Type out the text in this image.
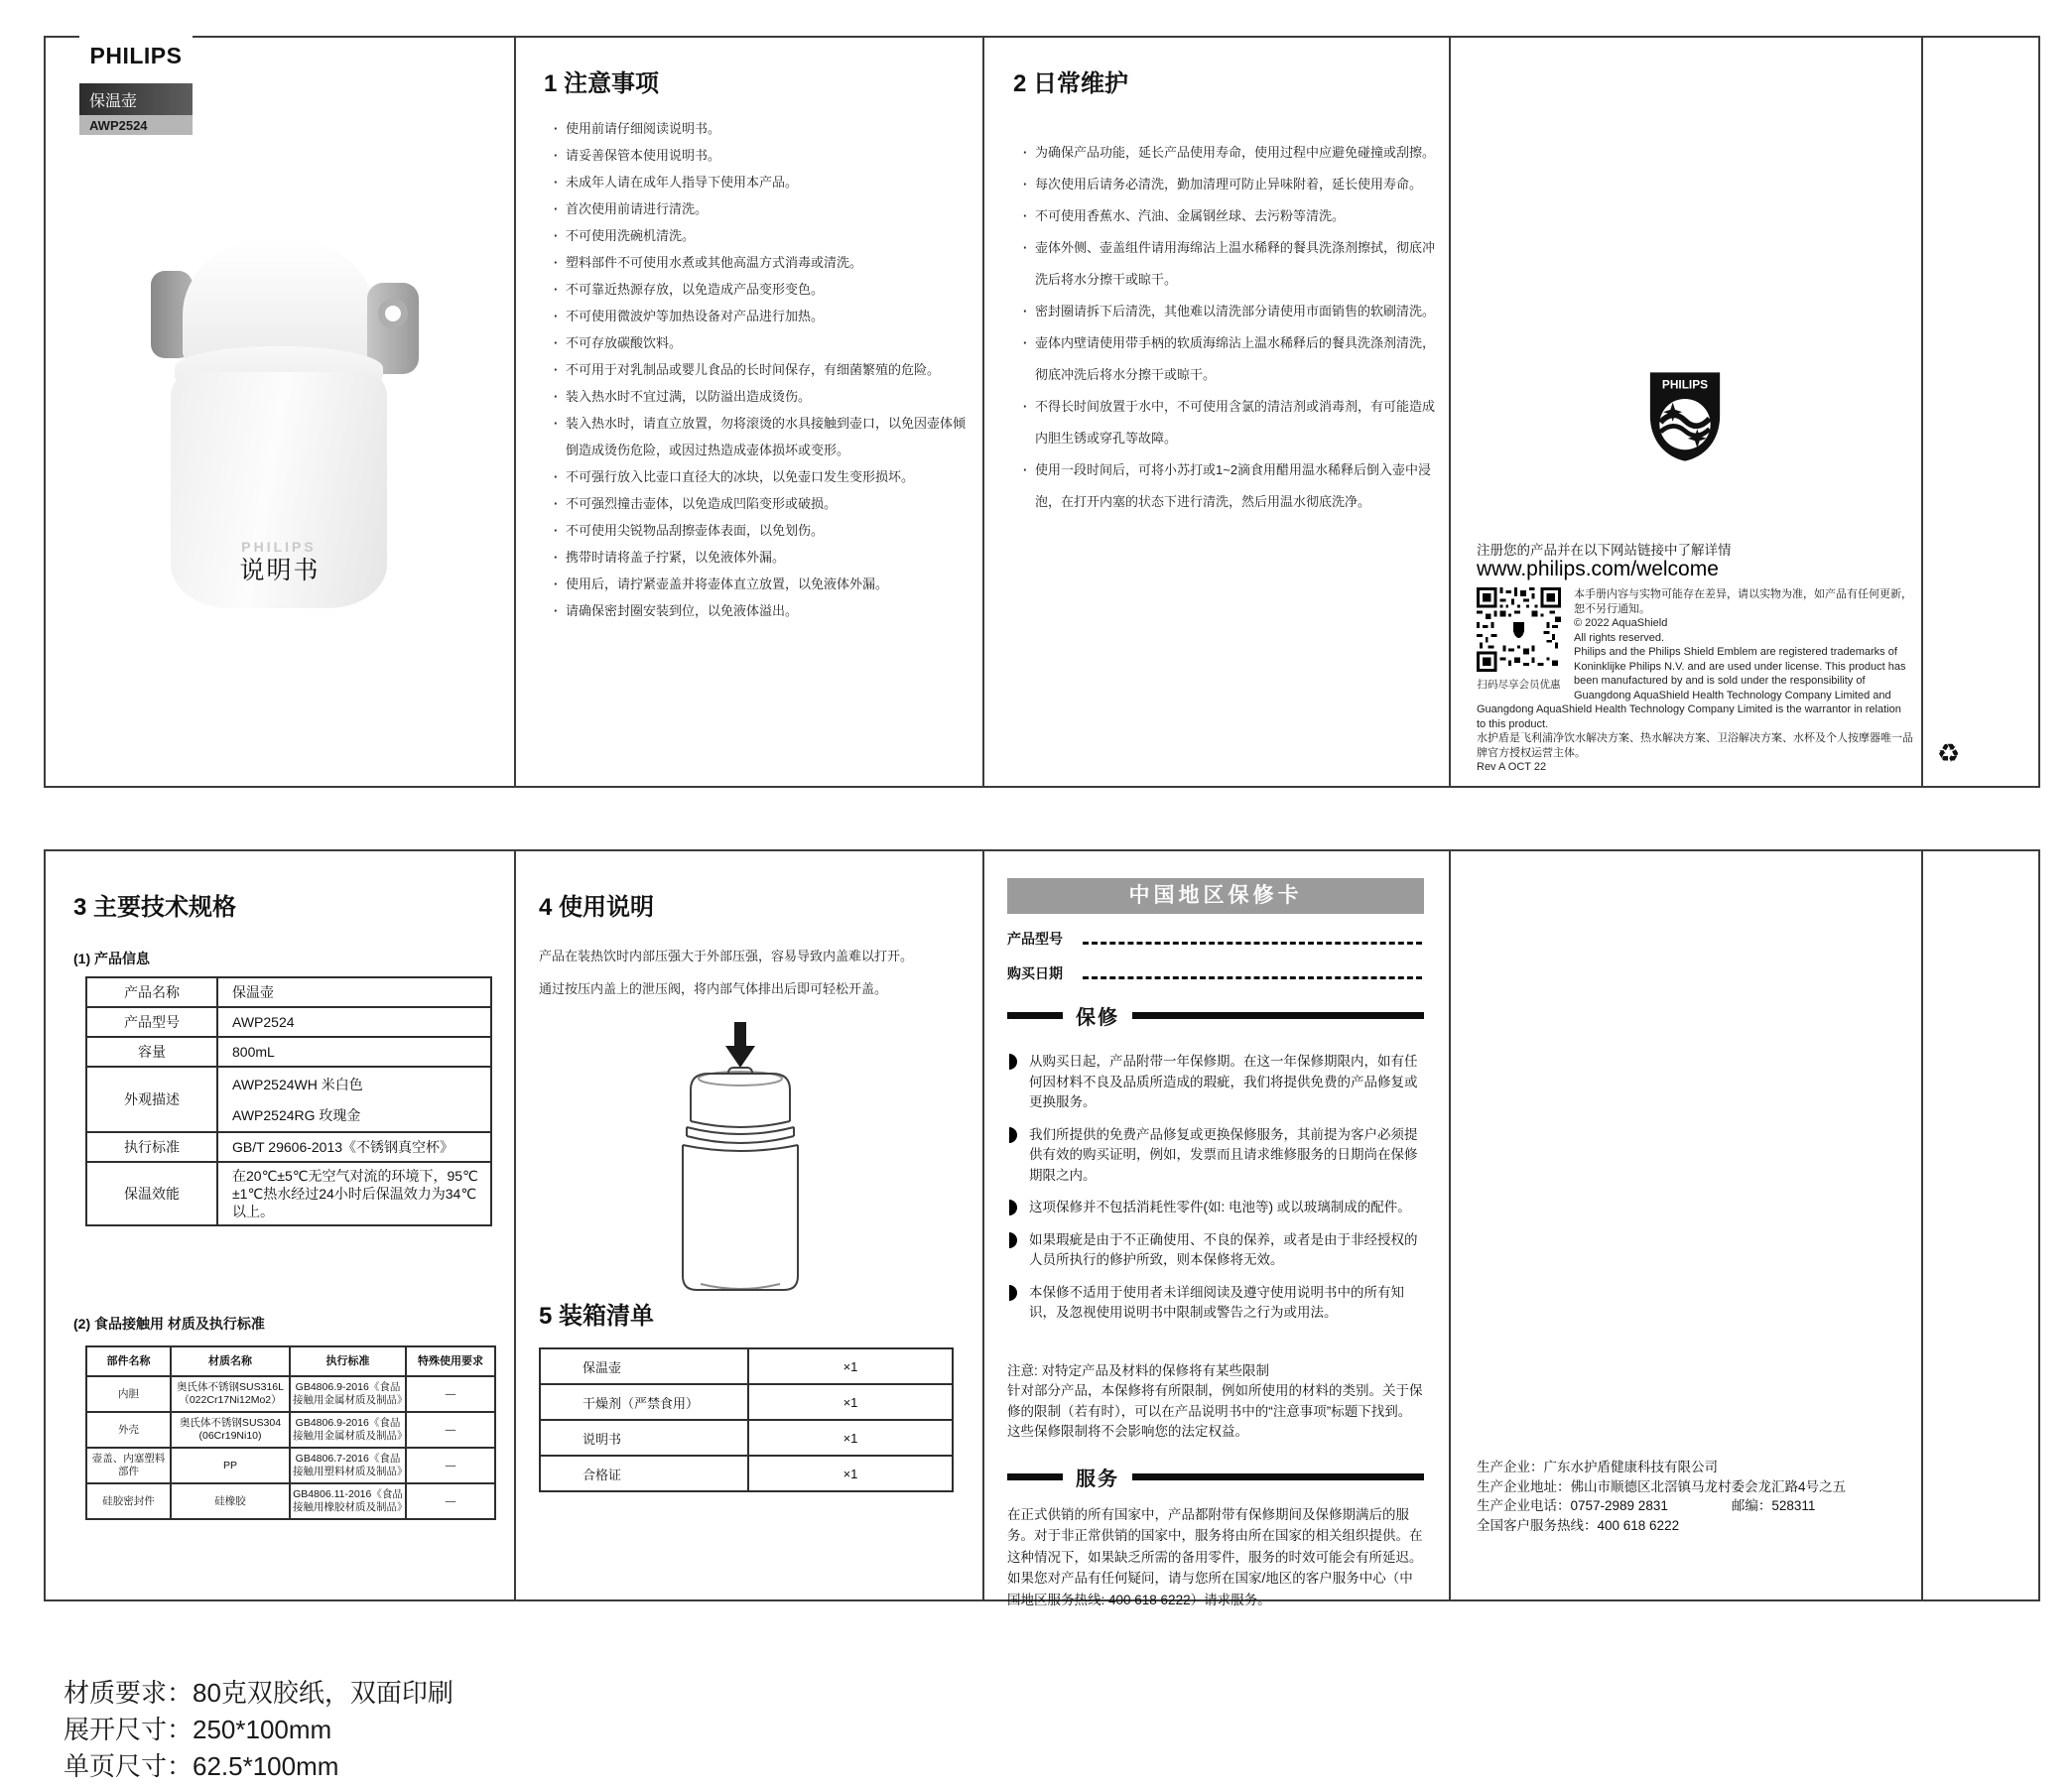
PHILIPS
保温壶
AWP2524
PHILIPS
说明书
1 注意事项
· 使用前请仔细阅读说明书。
· 请妥善保管本使用说明书。
· 未成年人请在成年人指导下使用本产品。
· 首次使用前请进行清洗。
· 不可使用洗碗机清洗。
· 塑料部件不可使用水煮或其他高温方式消毒或清洗。
· 不可靠近热源存放，以免造成产品变形变色。
· 不可使用微波炉等加热设备对产品进行加热。
· 不可存放碳酸饮料。
· 不可用于对乳制品或婴儿食品的长时间保存，有细菌繁殖的危险。
· 装入热水时不宜过满，以防溢出造成烫伤。
· 装入热水时，请直立放置，勿将滚烫的水具接触到壶口，以免因壶体倾倒造成烫伤危险，或因过热造成壶体损坏或变形。
· 不可强行放入比壶口直径大的冰块，以免壶口发生变形损坏。
· 不可强烈撞击壶体，以免造成凹陷变形或破损。
· 不可使用尖锐物品刮擦壶体表面，以免划伤。
· 携带时请将盖子拧紧，以免液体外漏。
· 使用后，请拧紧壶盖并将壶体直立放置，以免液体外漏。
· 请确保密封圈安装到位，以免液体溢出。
2 日常维护
· 为确保产品功能，延长产品使用寿命，使用过程中应避免碰撞或刮擦。
· 每次使用后请务必清洗，勤加清理可防止异味附着，延长使用寿命。
· 不可使用香蕉水、汽油、金属钢丝球、去污粉等清洗。
· 壶体外侧、壶盖组件请用海绵沾上温水稀释的餐具洗涤剂擦拭，彻底冲洗后将水分擦干或晾干。
· 密封圈请拆下后清洗，其他难以清洗部分请使用市面销售的软刷清洗。
· 壶体内壁请使用带手柄的软质海绵沾上温水稀释后的餐具洗涤剂清洗，彻底冲洗后将水分擦干或晾干。
· 不得长时间放置于水中，不可使用含氯的清洁剂或消毒剂，有可能造成内胆生锈或穿孔等故障。
· 使用一段时间后，可将小苏打或1~2滴食用醋用温水稀释后倒入壶中浸泡，在打开内塞的状态下进行清洗，然后用温水彻底洗净。
PHILIPS
注册您的产品并在以下网站链接中了解详情
www.philips.com/welcome
扫码尽享会员优惠

本手册内容与实物可能存在差异，请以实物为准，如产品有任何更新，恕不另行通知。

© 2022 AquaShield

All rights reserved.

Philips and the Philips Shield Emblem are registered trademarks of Koninklijke Philips N.V. and are used under license. This product has been manufactured by and is sold under the responsibility of Guangdong AquaShield Health Technology Company Limited and Guangdong AquaShield Health Technology Company Limited is the warrantor in relation to this product.

水护盾是飞利浦净饮水解决方案、热水解决方案、卫浴解决方案、水杯及个人按摩器唯一品牌官方授权运营主体。

Rev A OCT 22	♻
3 主要技术规格
(1) 产品信息
产品名称	保温壶
产品型号	AWP2524
容量	800mL
外观描述	AWP2524WH 米白色
AWP2524RG 玫瑰金

执行标准	GB/T 29606-2013《不锈钢真空杯》
保温效能	在20℃±5℃无空气对流的环境下，95℃±1℃热水经过24小时后保温效力为34℃以上。
(2) 食品接触用 材质及执行标准
部件名称	材质名称	执行标准	特殊使用要求
内胆	奥氏体不锈钢SUS316L（022Cr17Ni12Mo2）	GB4806.9-2016《食品接触用金属材质及制品》	—
外壳	奥氏体不锈钢SUS304 (06Cr19Ni10)	GB4806.9-2016《食品接触用金属材质及制品》	—
壶盖、内塞塑料部件	PP	GB4806.7-2016《食品接触用塑料材质及制品》	—
硅胶密封件	硅橡胶	GB4806.11-2016《食品接触用橡胶材质及制品》	—
4 使用说明
产品在装热饮时内部压强大于外部压强，容易导致内盖难以打开。
通过按压内盖上的泄压阀，将内部气体排出后即可轻松开盖。
5 装箱清单
保温壶	×1
干燥剂（严禁食用）	×1
说明书	×1
合格证	×1
中国地区保修卡
产品型号
购买日期
保修
从购买日起，产品附带一年保修期。在这一年保修期限内，如有任何因材料不良及品质所造成的瑕疵，我们将提供免费的产品修复或更换服务。
我们所提供的免费产品修复或更换保修服务，其前提为客户必须提供有效的购买证明，例如，发票而且请求维修服务的日期尚在保修期限之内。
这项保修并不包括消耗性零件(如: 电池等) 或以玻璃制成的配件。
如果瑕疵是由于不正确使用、不良的保养，或者是由于非经授权的人员所执行的修护所致，则本保修将无效。
本保修不适用于使用者未详细阅读及遵守使用说明书中的所有知识，及忽视使用说明书中限制或警告之行为或用法。
注意: 对特定产品及材料的保修将有某些限制
针对部分产品，本保修将有所限制，例如所使用的材料的类别。关于保修的限制（若有时），可以在产品说明书中的“注意事项”标题下找到。这些保修限制将不会影响您的法定权益。
服务
在正式供销的所有国家中，产品都附带有保修期间及保修期满后的服务。对于非正常供销的国家中，服务将由所在国家的相关组织提供。在这种情况下，如果缺乏所需的备用零件，服务的时效可能会有所延迟。如果您对产品有任何疑问，请与您所在国家/地区的客户服务中心（中国地区服务热线: 400 618 6222）请求服务。
生产企业：广东水护盾健康科技有限公司
生产企业地址：佛山市顺德区北滘镇马龙村委会龙汇路4号之五
生产企业电话：0757-2989 2831	邮编：528311
全国客户服务热线：400 618 6222
材质要求：80克双胶纸，双面印刷
展开尺寸：250*100mm
单页尺寸：62.5*100mm
